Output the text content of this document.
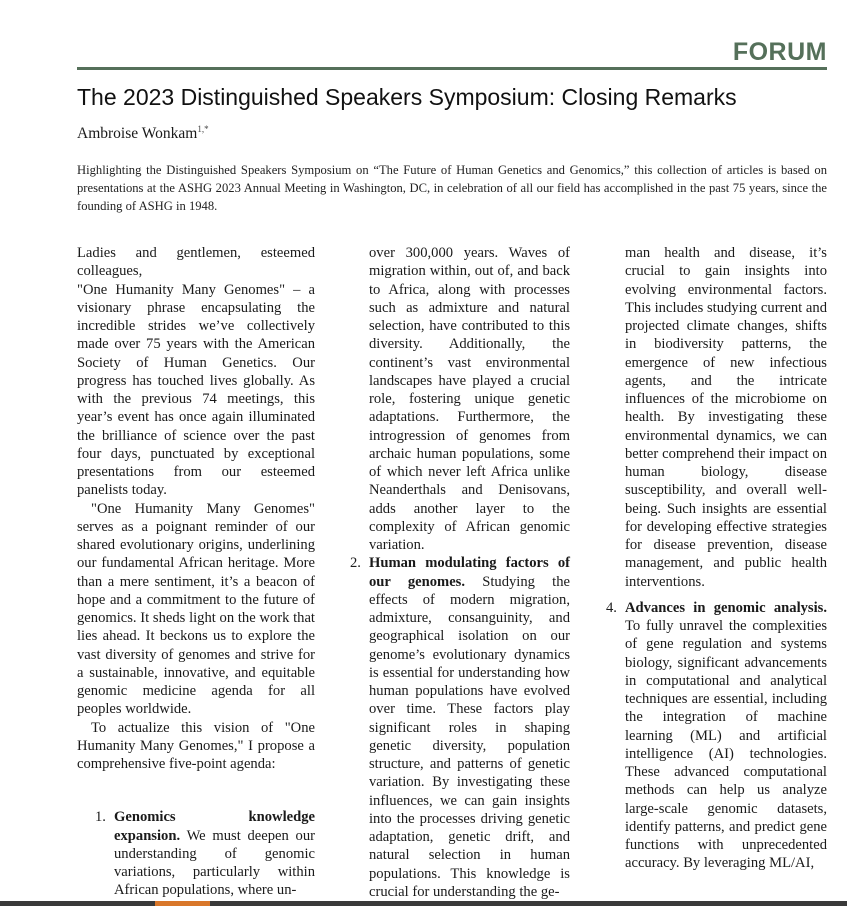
FORUM
The 2023 Distinguished Speakers Symposium: Closing Remarks
Ambroise Wonkam$^{1,*}$
Highlighting the Distinguished Speakers Symposium on “The Future of Human Genetics and Genomics,” this collection of articles is based on presentations at the ASHG 2023 Annual Meeting in Washington, DC, in celebration of all our field has accomplished in the past 75 years, since the founding of ASHG in 1948.

Ladies and gentlemen, esteemed colleagues,

"One Humanity Many Genomes" – a visionary phrase encapsulating the incredible strides we’ve collectively made over 75 years with the American Society of Human Genetics. Our progress has touched lives globally. As with the previous 74 meetings, this year’s event has once again illuminated the brilliance of science over the past four days, punctuated by exceptional presentations from our esteemed panelists today.

"One Humanity Many Genomes" serves as a poignant reminder of our shared evolutionary origins, underlining our fundamental African heritage. More than a mere sentiment, it’s a beacon of hope and a commitment to the future of genomics. It sheds light on the work that lies ahead. It beckons us to explore the vast diversity of genomes and strive for a sustainable, innovative, and equitable genomic medicine agenda for all peoples worldwide.

To actualize this vision of "One Humanity Many Genomes," I propose a comprehensive five-point agenda:

1. Genomics knowledge expansion. We must deepen our understanding of genomic variations, particularly within African populations, where un-

over 300,000 years. Waves of migration within, out of, and back to Africa, along with processes such as admixture and natural selection, have contributed to this diversity. Additionally, the continent’s vast environmental landscapes have played a crucial role, fostering unique genetic adaptations. Furthermore, the introgression of genomes from archaic human populations, some of which never left Africa unlike Neanderthals and Denisovans, adds another layer to the complexity of African genomic variation.

2. Human modulating factors of our genomes. Studying the effects of modern migration, admixture, consanguinity, and geographical isolation on our genome’s evolutionary dynamics is essential for understanding how human populations have evolved over time. These factors play significant roles in shaping genetic diversity, population structure, and patterns of genetic variation. By investigating these influences, we can gain insights into the processes driving genetic adaptation, genetic drift, and natural selection in human populations. This knowledge is crucial for understanding the ge-

man health and disease, it’s crucial to gain insights into evolving environmental factors. This includes studying current and projected climate changes, shifts in biodiversity patterns, the emergence of new infectious agents, and the intricate influences of the microbiome on health. By investigating these environmental dynamics, we can better comprehend their impact on human biology, disease susceptibility, and overall well-being. Such insights are essential for developing effective strategies for disease prevention, disease management, and public health interventions.

4. Advances in genomic analysis. To fully unravel the complexities of gene regulation and systems biology, significant advancements in computational and analytical techniques are essential, including the integration of machine learning (ML) and artificial intelligence (AI) technologies. These advanced computational methods can help us analyze large-scale genomic datasets, identify patterns, and predict gene functions with unprecedented accuracy. By leveraging ML/AI,
